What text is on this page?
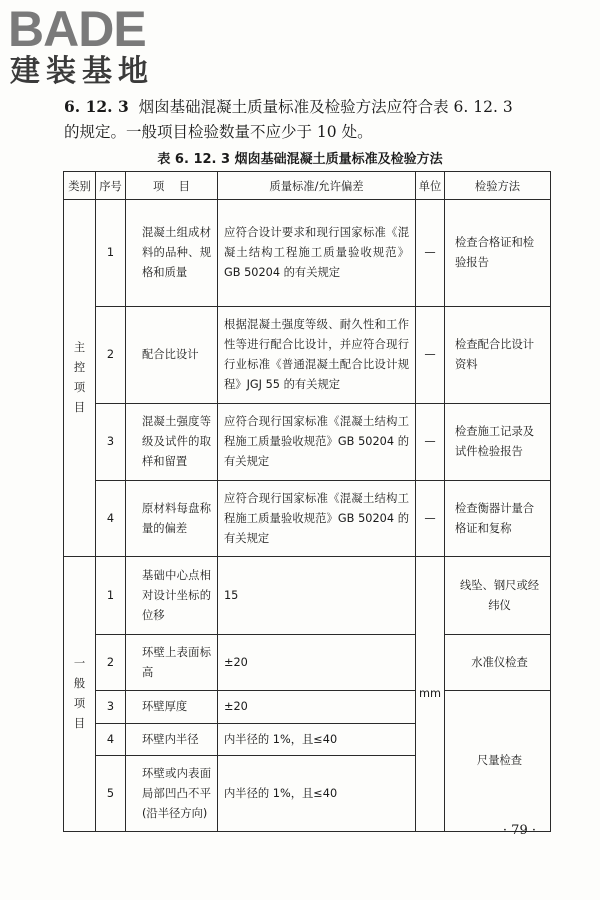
BADE
建装基地
6. 12. 3 烟囱基础混凝土质量标准及检验方法应符合表 6. 12. 3
的规定。一般项目检验数量不应少于 10 处。
表 6. 12. 3 烟囱基础混凝土质量标准及检验方法
类别	序号	项    目	质量标准/允许偏差	单位	检验方法

主控项目	1	混凝土组成材料的品种、规格和质量	应符合设计要求和现行国家标准《混凝土结构工程施工质量验收规范》GB 50204 的有关规定	—	检查合格证和检验报告
	2	配合比设计	根据混凝土强度等级、耐久性和工作性等进行配合比设计，并应符合现行行业标准《普通混凝土配合比设计规程》JGJ 55 的有关规定	—	检查配合比设计资料
	3	混凝土强度等级及试件的取样和留置	应符合现行国家标准《混凝土结构工程施工质量验收规范》GB 50204 的有关规定	—	检查施工记录及试件检验报告
	4	原材料每盘称量的偏差	应符合现行国家标准《混凝土结构工程施工质量验收规范》GB 50204 的有关规定	—	检查衡器计量合格证和复称

一般项目	1	基础中心点相对设计坐标的位移	15	mm	线坠、钢尺或经纬仪
	2	环壁上表面标高	±20		水准仪检查
	3	环壁厚度	±20		尺量检查
	4	环壁内半径	内半径的 1%，且≤40		
	5	环壁或内表面局部凹凸不平(沿半径方向)	内半径的 1%，且≤40		
· 79 ·
